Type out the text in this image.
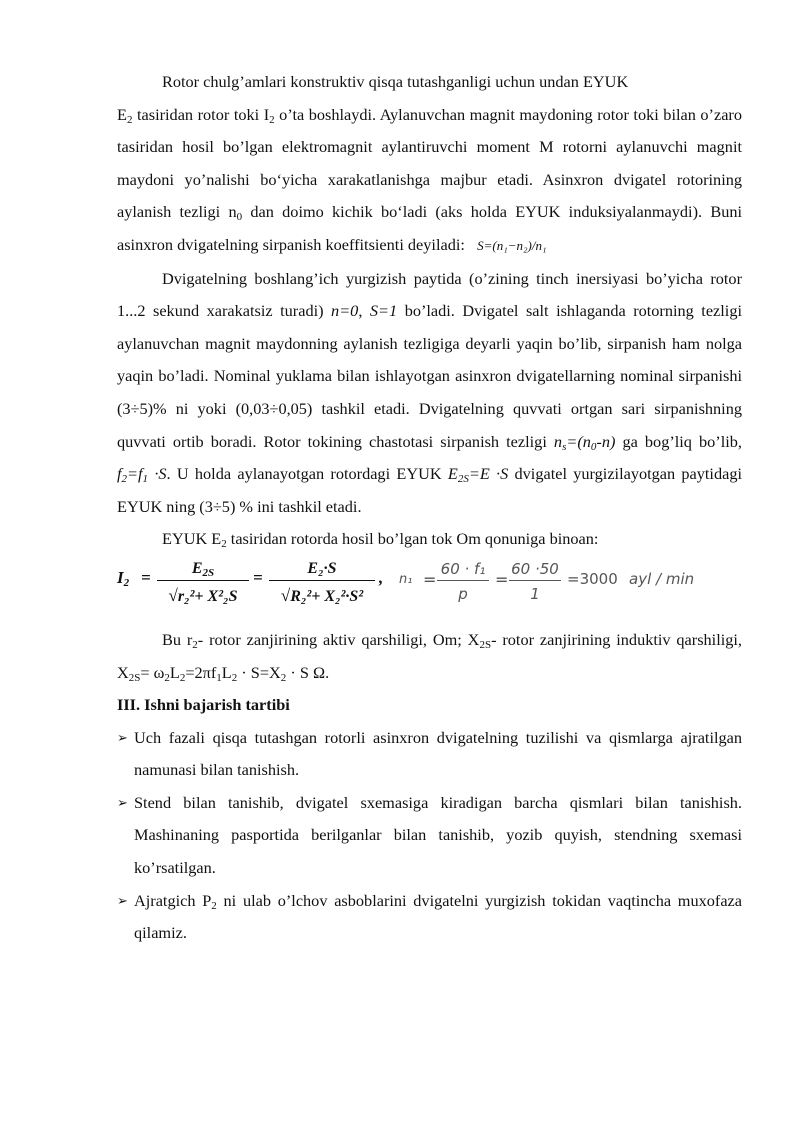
Rotor chulg’amlari konstruktiv qisqa tutashganligi uchun undan EYUK
$E_2$ tasiridan rotor toki $I_2$ o’ta boshlaydi. Aylanuvchan magnit maydoning rotor toki bilan o’zaro tasiridan hosil bo’lgan elektromagnit aylantiruvchi moment M rotorni aylanuvchi magnit maydoni yo’nalishi bo‘yicha xarakatlanishga majbur etadi. Asinxron dvigatel rotorining aylanish tezligi $n_0$ dan doimo kichik bo‘ladi (aks holda EYUK induksiyalanmaydi). Buni asinxron dvigatelning sirpanish koeffitsienti deyiladi: S=(n₁−n₂)/n₁

Dvigatelning boshlang’ich yurgizish paytida (o’zining tinch inersiyasi bo’yicha rotor 1...2 sekund xarakatsiz turadi) n=0, S=1 bo’ladi. Dvigatel salt ishlaganda rotorning tezligi aylanuvchan magnit maydonning aylanish tezligiga deyarli yaqin bo’lib, sirpanish ham nolga yaqin bo’ladi. Nominal yuklama bilan ishlayotgan asinxron dvigatellarning nominal sirpanishi (3÷5)% ni yoki (0,03÷0,05) tashkil etadi. Dvigatelning quvvati ortgan sari sirpanishning quvvati ortib boradi. Rotor tokining chastotasi sirpanish tezligi $n_s=(n_0-n)$ ga bog’liq bo’lib, $f_2=f_1 \cdot S$. U holda aylanayotgan rotordagi EYUK $E_{2S}=E \cdot S$ dvigatel yurgizilayotgan paytidagi EYUK ning (3÷5) % ini tashkil etadi.

EYUK $E_2$ tasiridan rotorda hosil bo’lgan tok Om qonuniga binoan:

$I_2 = \frac{E_{2S}}{\text{√r₂²+ X²₂S}} = \frac{\text{E₂·S}}{\text{√R₂²+ X₂²·S²}}$ , $n_1 = \frac{\text{60 · f₁}}{p} = \frac{60 \cdot 50}{1} =3000$ ayl / min

Bu $r_2-$ rotor zanjirining aktiv qarshiligi, Om; $X_{2S}-$ rotor zanjirining induktiv qarshiligi, $X_{2S}= \omega_2L_2=2\pi f_1L_2 \cdot S=X_2 \cdot S$ Ω.

III. Ishni bajarish tartibi
➢ Uch fazali qisqa tutashgan rotorli asinxron dvigatelning tuzilishi va qismlarga ajratilgan namunasi bilan tanishish.
➢ Stend bilan tanishib, dvigatel sxemasiga kiradigan barcha qismlari bilan tanishish. Mashinaning pasportida berilganlar bilan tanishib, yozib quyish, stendning sxemasi ko’rsatilgan.
➢ Ajratgich $P_2$ ni ulab o’lchov asboblarini dvigatelni yurgizish tokidan vaqtincha muxofaza qilamiz.
